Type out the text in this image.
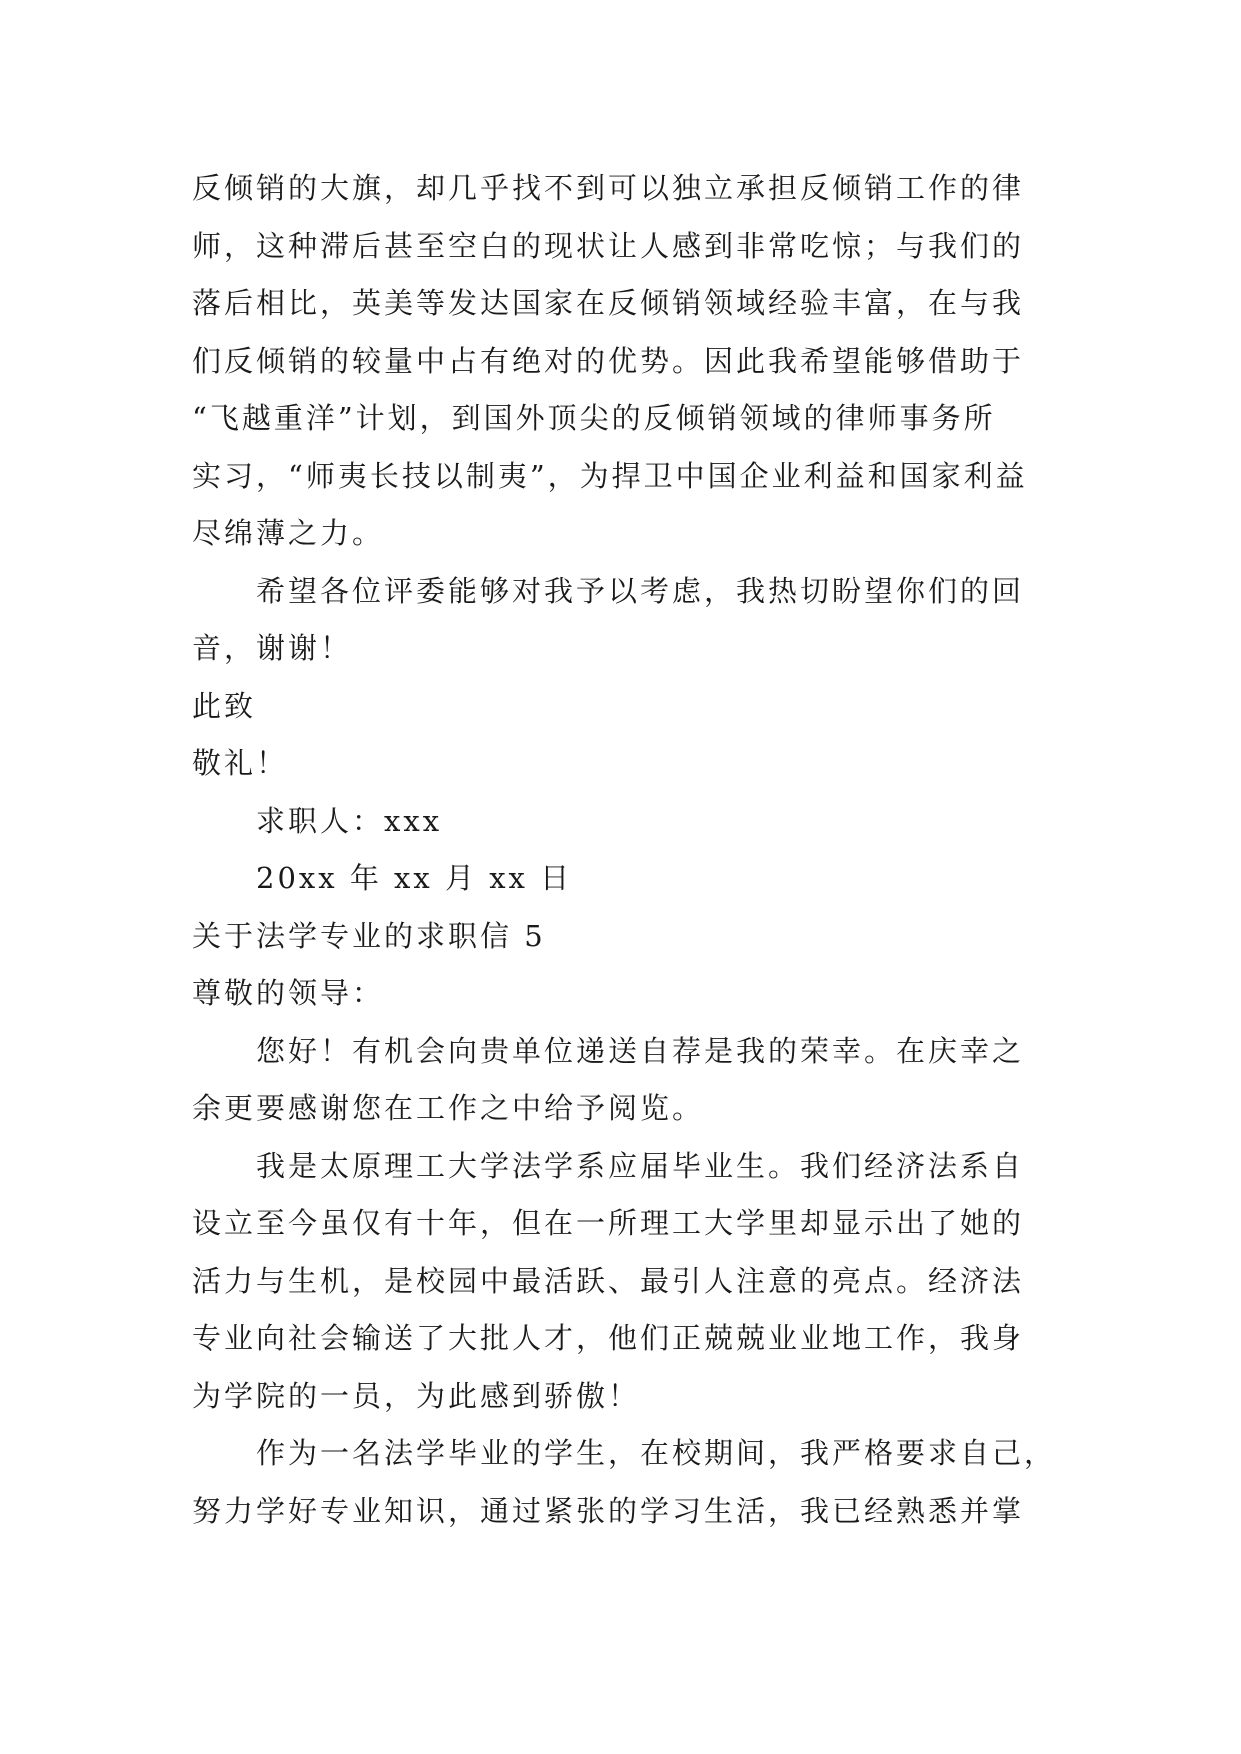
反倾销的大旗，却几乎找不到可以独立承担反倾销工作的律
师，这种滞后甚至空白的现状让人感到非常吃惊；与我们的
落后相比，英美等发达国家在反倾销领域经验丰富，在与我
们反倾销的较量中占有绝对的优势。因此我希望能够借助于
“飞越重洋”计划，到国外顶尖的反倾销领域的律师事务所
实习，“师夷长技以制夷”，为捍卫中国企业利益和国家利益
尽绵薄之力。
希望各位评委能够对我予以考虑，我热切盼望你们的回
音，谢谢！
此致
敬礼！
求职人：xxx
20xx 年 xx 月 xx 日
关于法学专业的求职信 5
尊敬的领导：
您好！有机会向贵单位递送自荐是我的荣幸。在庆幸之
余更要感谢您在工作之中给予阅览。
我是太原理工大学法学系应届毕业生。我们经济法系自
设立至今虽仅有十年，但在一所理工大学里却显示出了她的
活力与生机，是校园中最活跃、最引人注意的亮点。经济法
专业向社会输送了大批人才，他们正兢兢业业地工作，我身
为学院的一员，为此感到骄傲！
作为一名法学毕业的学生，在校期间，我严格要求自己，
努力学好专业知识，通过紧张的学习生活，我已经熟悉并掌
